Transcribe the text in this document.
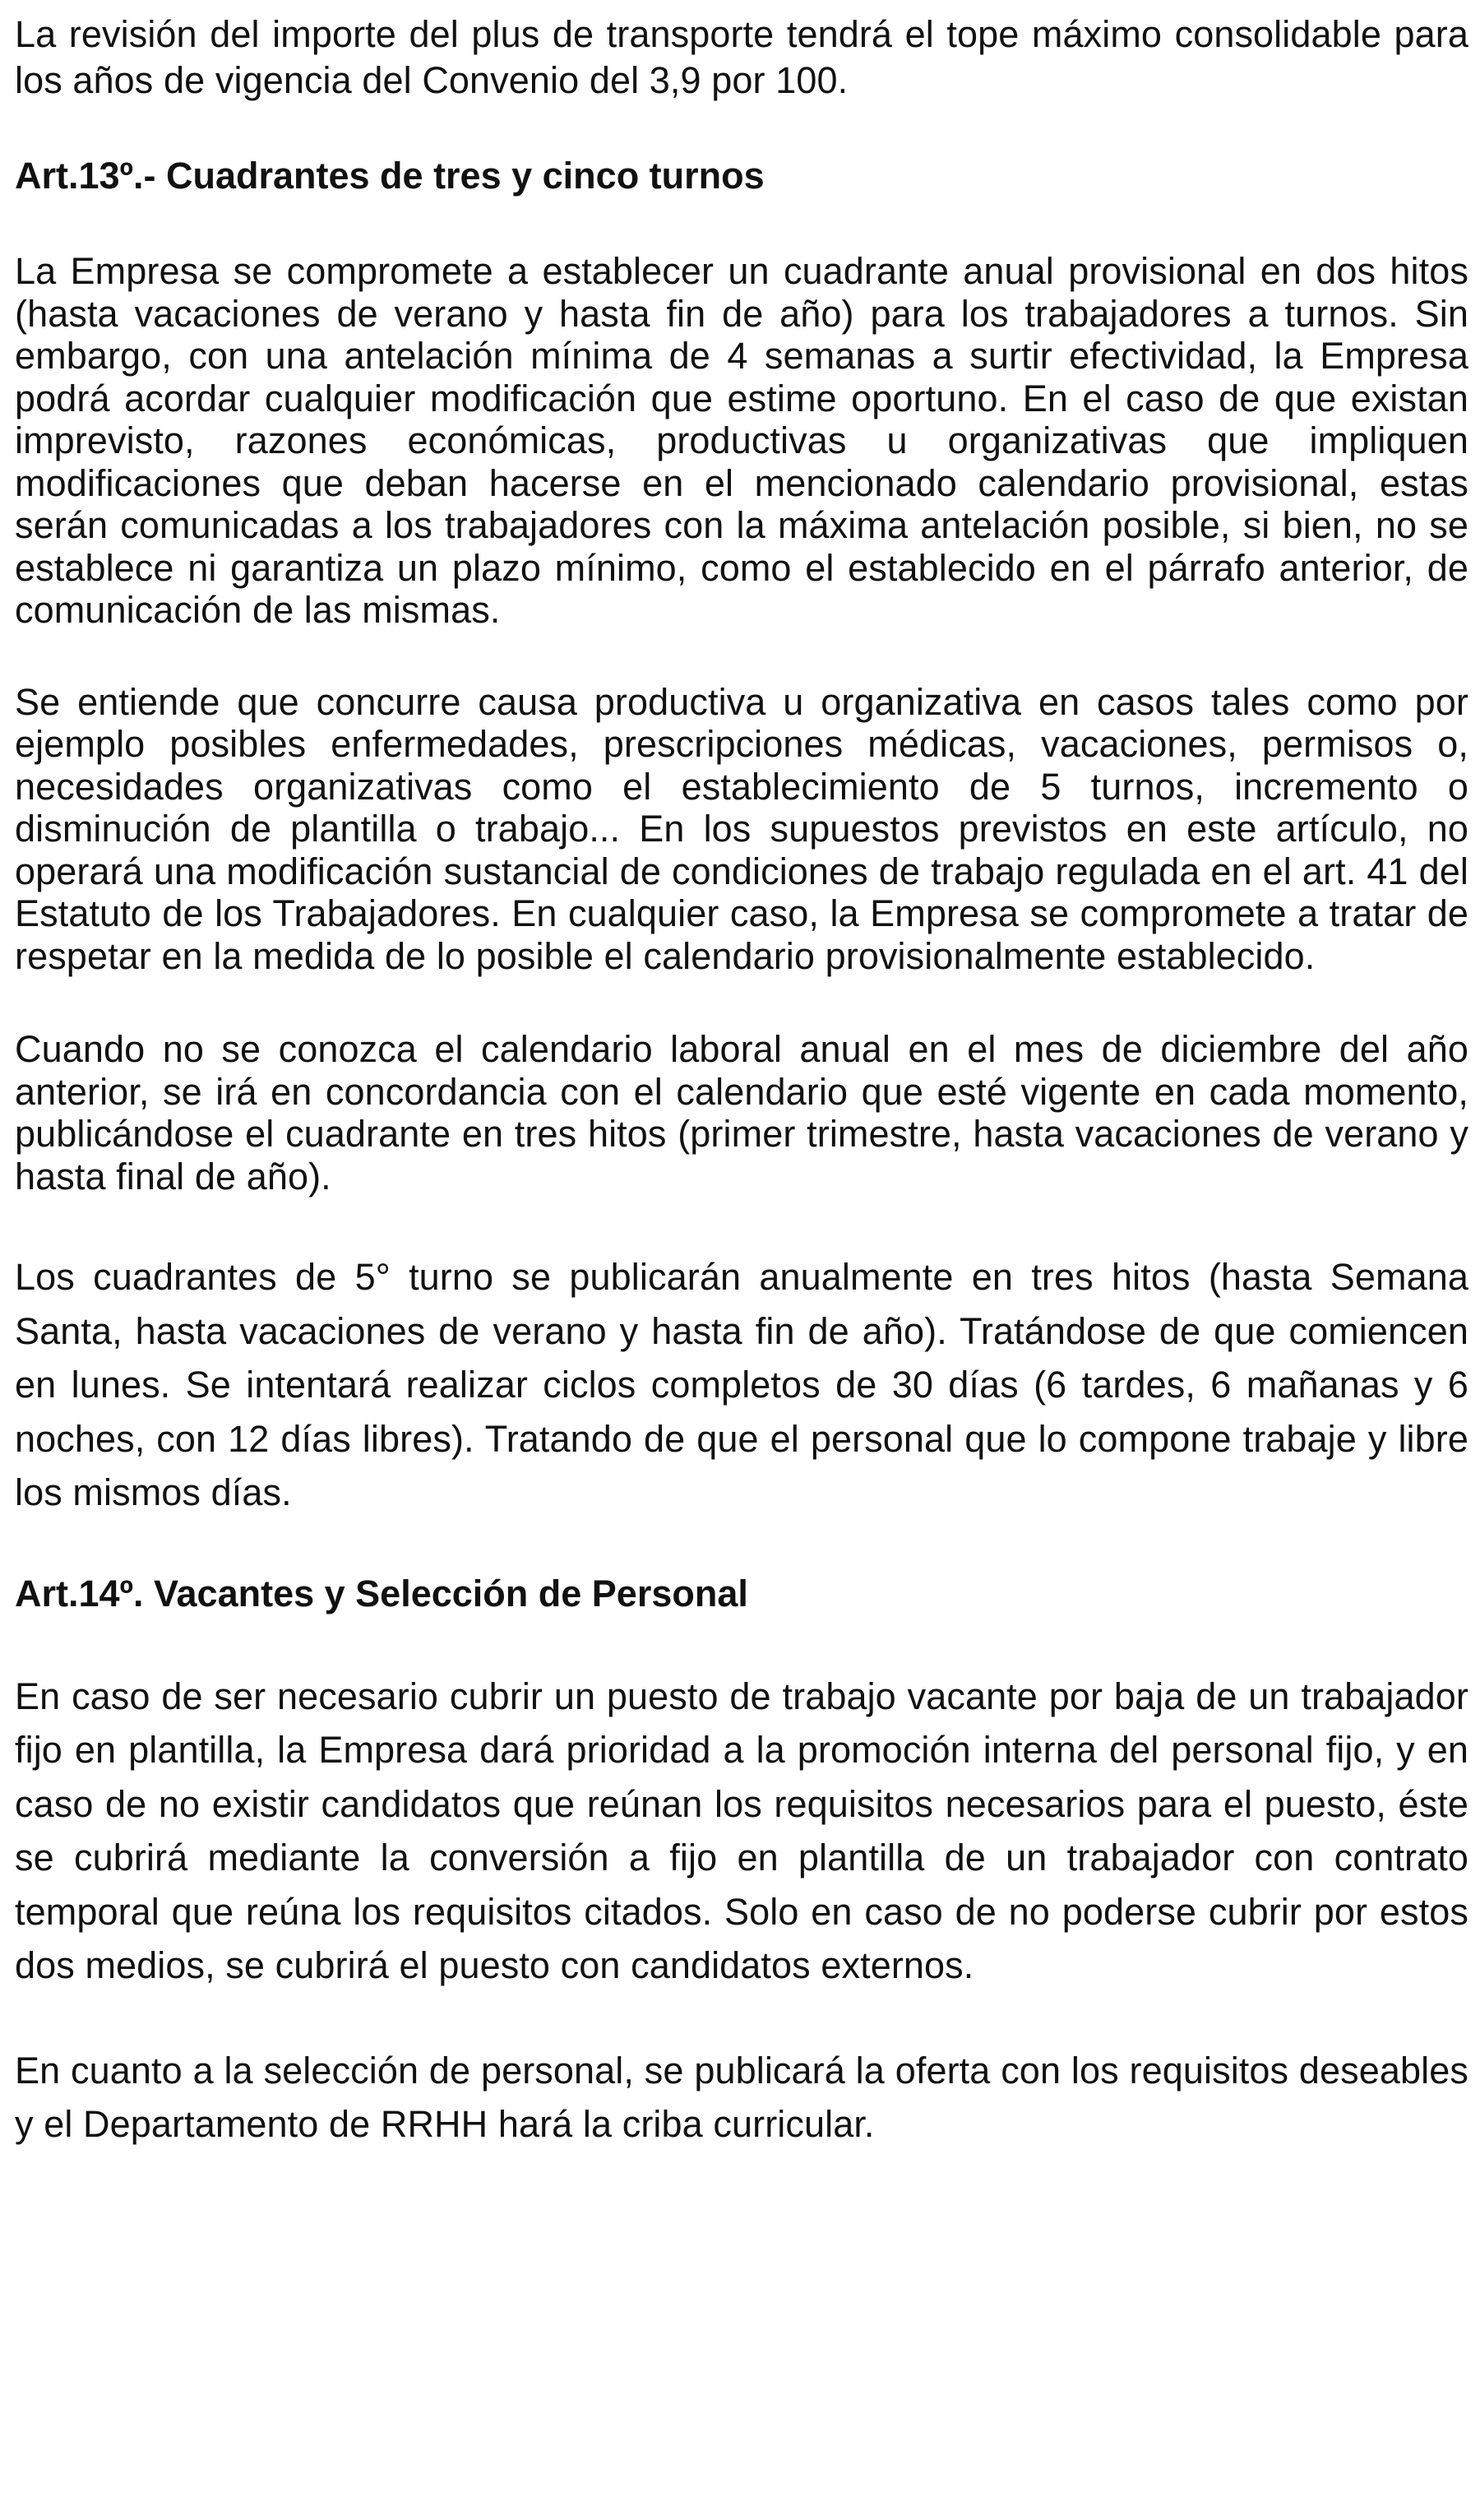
La revisión del importe del plus de transporte tendrá el tope máximo consolidable para los años de vigencia del Convenio del 3,9 por 100.

Art.13º.- Cuadrantes de tres y cinco turnos

La Empresa se compromete a establecer un cuadrante anual provisional en dos hitos (hasta vacaciones de verano y hasta fin de año) para los trabajadores a turnos. Sin embargo, con una antelación mínima de 4 semanas a surtir efectividad, la Empresa podrá acordar cualquier modificación que estime oportuno. En el caso de que existan imprevisto, razones económicas, productivas u organizativas que impliquen modificaciones que deban hacerse en el mencionado calendario provisional, estas serán comunicadas a los trabajadores con la máxima antelación posible, si bien, no se establece ni garantiza un plazo mínimo, como el establecido en el párrafo anterior, de comunicación de las mismas.

Se entiende que concurre causa productiva u organizativa en casos tales como por ejemplo posibles enfermedades, prescripciones médicas, vacaciones, permisos o, necesidades organizativas como el establecimiento de 5 turnos, incremento o disminución de plantilla o trabajo... En los supuestos previstos en este artículo, no operará una modificación sustancial de condiciones de trabajo regulada en el art. 41 del Estatuto de los Trabajadores. En cualquier caso, la Empresa se compromete a tratar de respetar en la medida de lo posible el calendario provisionalmente establecido.

Cuando no se conozca el calendario laboral anual en el mes de diciembre del año anterior, se irá en concordancia con el calendario que esté vigente en cada momento, publicándose el cuadrante en tres hitos (primer trimestre, hasta vacaciones de verano y hasta final de año).

Los cuadrantes de 5° turno se publicarán anualmente en tres hitos (hasta Semana Santa, hasta vacaciones de verano y hasta fin de año). Tratándose de que comiencen en lunes. Se intentará realizar ciclos completos de 30 días (6 tardes, 6 mañanas y 6 noches, con 12 días libres). Tratando de que el personal que lo compone trabaje y libre los mismos días.

Art.14º. Vacantes y Selección de Personal

En caso de ser necesario cubrir un puesto de trabajo vacante por baja de un trabajador fijo en plantilla, la Empresa dará prioridad a la promoción interna del personal fijo, y en caso de no existir candidatos que reúnan los requisitos necesarios para el puesto, éste se cubrirá mediante la conversión a fijo en plantilla de un trabajador con contrato temporal que reúna los requisitos citados. Solo en caso de no poderse cubrir por estos dos medios, se cubrirá el puesto con candidatos externos.

En cuanto a la selección de personal, se publicará la oferta con los requisitos deseables y el Departamento de RRHH hará la criba curricular.
